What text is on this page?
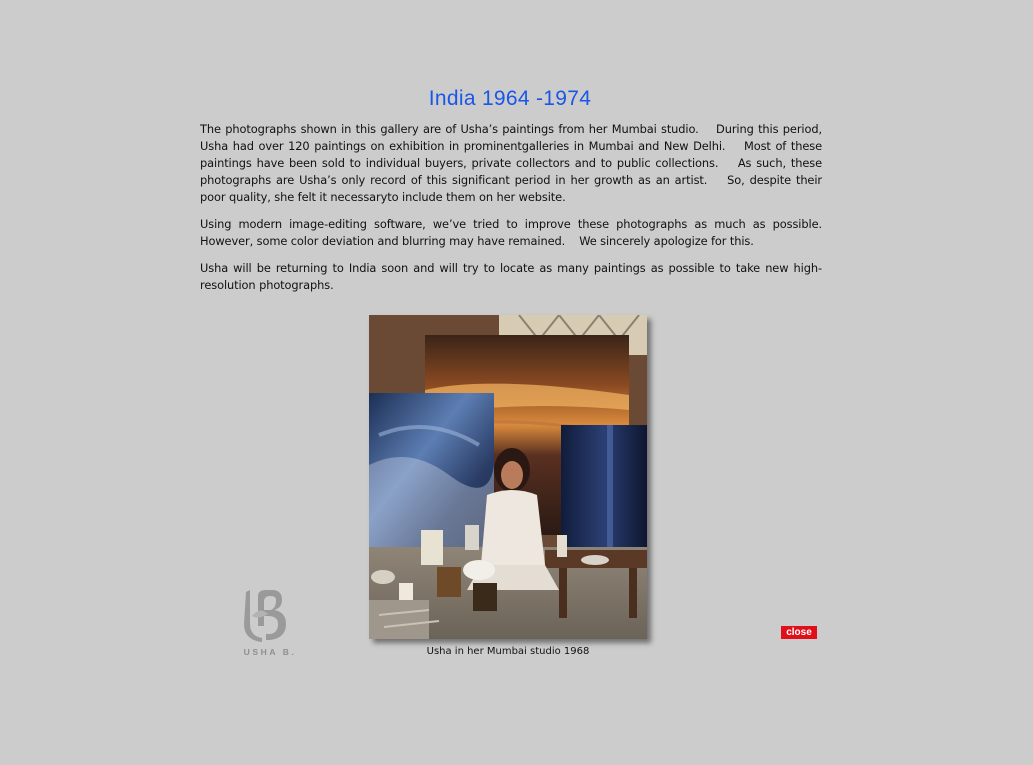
India 1964 -1974

The photographs shown in this gallery are of Usha’s paintings from her Mumbai studio.    During this period, Usha had over 120 paintings on exhibition in prominentgalleries in Mumbai and New Delhi.    Most of these paintings have been sold to individual buyers, private collectors and to public collections.    As such, these photographs are Usha’s only record of this significant period in her growth as an artist.    So, despite their poor quality, she felt it necessaryto include them on her website.

Using modern image-editing software, we’ve tried to improve these photographs as much as possible. However, some color deviation and blurring may have remained.    We sincerely apologize for this.

Usha will be returning to India soon and will try to locate as many paintings as possible to take new high-resolution photographs.

Usha in her Mumbai studio 1968
USHA B.
close
